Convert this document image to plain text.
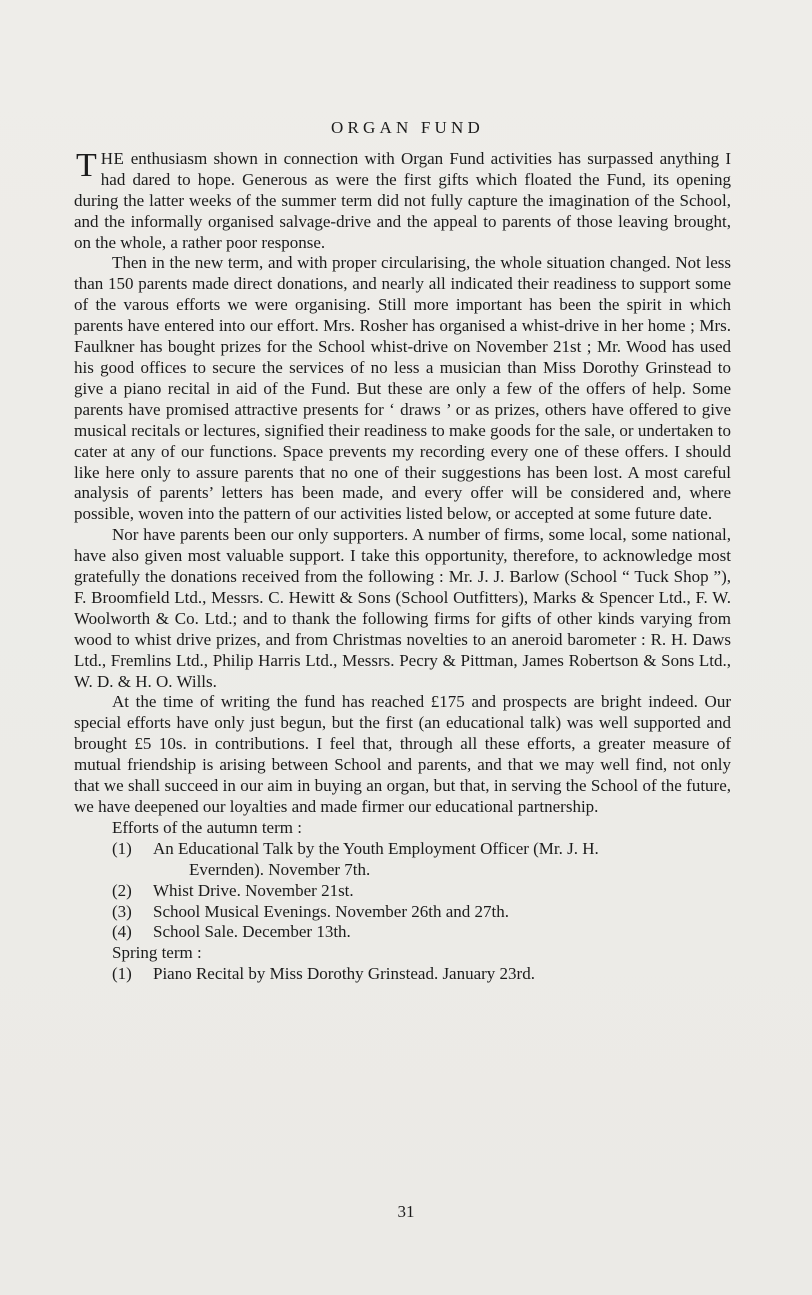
ORGAN FUND

THE enthusiasm shown in connection with Organ Fund activities has surpassed anything I had dared to hope. Generous as were the first gifts which floated the Fund, its opening during the latter weeks of the summer term did not fully capture the imagination of the School, and the informally organised salvage-drive and the appeal to parents of those leaving brought, on the whole, a rather poor response.

Then in the new term, and with proper circularising, the whole situation changed. Not less than 150 parents made direct donations, and nearly all indicated their readiness to support some of the varous efforts we were organising. Still more important has been the spirit in which parents have entered into our effort. Mrs. Rosher has organised a whist-drive in her home ; Mrs. Faulkner has bought prizes for the School whist-drive on November 21st ; Mr. Wood has used his good offices to secure the services of no less a musician than Miss Dorothy Grinstead to give a piano recital in aid of the Fund. But these are only a few of the offers of help. Some parents have promised attractive presents for ‘ draws ’ or as prizes, others have offered to give musical recitals or lectures, signified their readiness to make goods for the sale, or undertaken to cater at any of our functions. Space prevents my recording every one of these offers. I should like here only to assure parents that no one of their suggestions has been lost. A most careful analysis of parents’ letters has been made, and every offer will be considered and, where possible, woven into the pattern of our activities listed below, or accepted at some future date.

Nor have parents been our only supporters. A number of firms, some local, some national, have also given most valuable support. I take this opportunity, therefore, to acknowledge most gratefully the donations received from the following : Mr. J. J. Barlow (School “ Tuck Shop ”), F. Broomfield Ltd., Messrs. C. Hewitt & Sons (School Outfitters), Marks & Spencer Ltd., F. W. Woolworth & Co. Ltd.; and to thank the following firms for gifts of other kinds varying from wood to whist drive prizes, and from Christmas novelties to an aneroid barometer : R. H. Daws Ltd., Fremlins Ltd., Philip Harris Ltd., Messrs. Pecry & Pittman, James Robertson & Sons Ltd., W. D. & H. O. Wills.

At the time of writing the fund has reached £175 and prospects are bright indeed. Our special efforts have only just begun, but the first (an educational talk) was well supported and brought £5 10s. in contributions. I feel that, through all these efforts, a greater measure of mutual friendship is arising between School and parents, and that we may well find, not only that we shall succeed in our aim in buying an organ, but that, in serving the School of the future, we have deepened our loyalties and made firmer our educational partnership.

Efforts of the autumn term :
(1)	An Educational Talk by the Youth Employment Officer (Mr. J. H.
Evernden). November 7th.
(2)	Whist Drive. November 21st.
(3)	School Musical Evenings. November 26th and 27th.
(4)	School Sale. December 13th.
Spring term :
(1)	Piano Recital by Miss Dorothy Grinstead. January 23rd.
31
